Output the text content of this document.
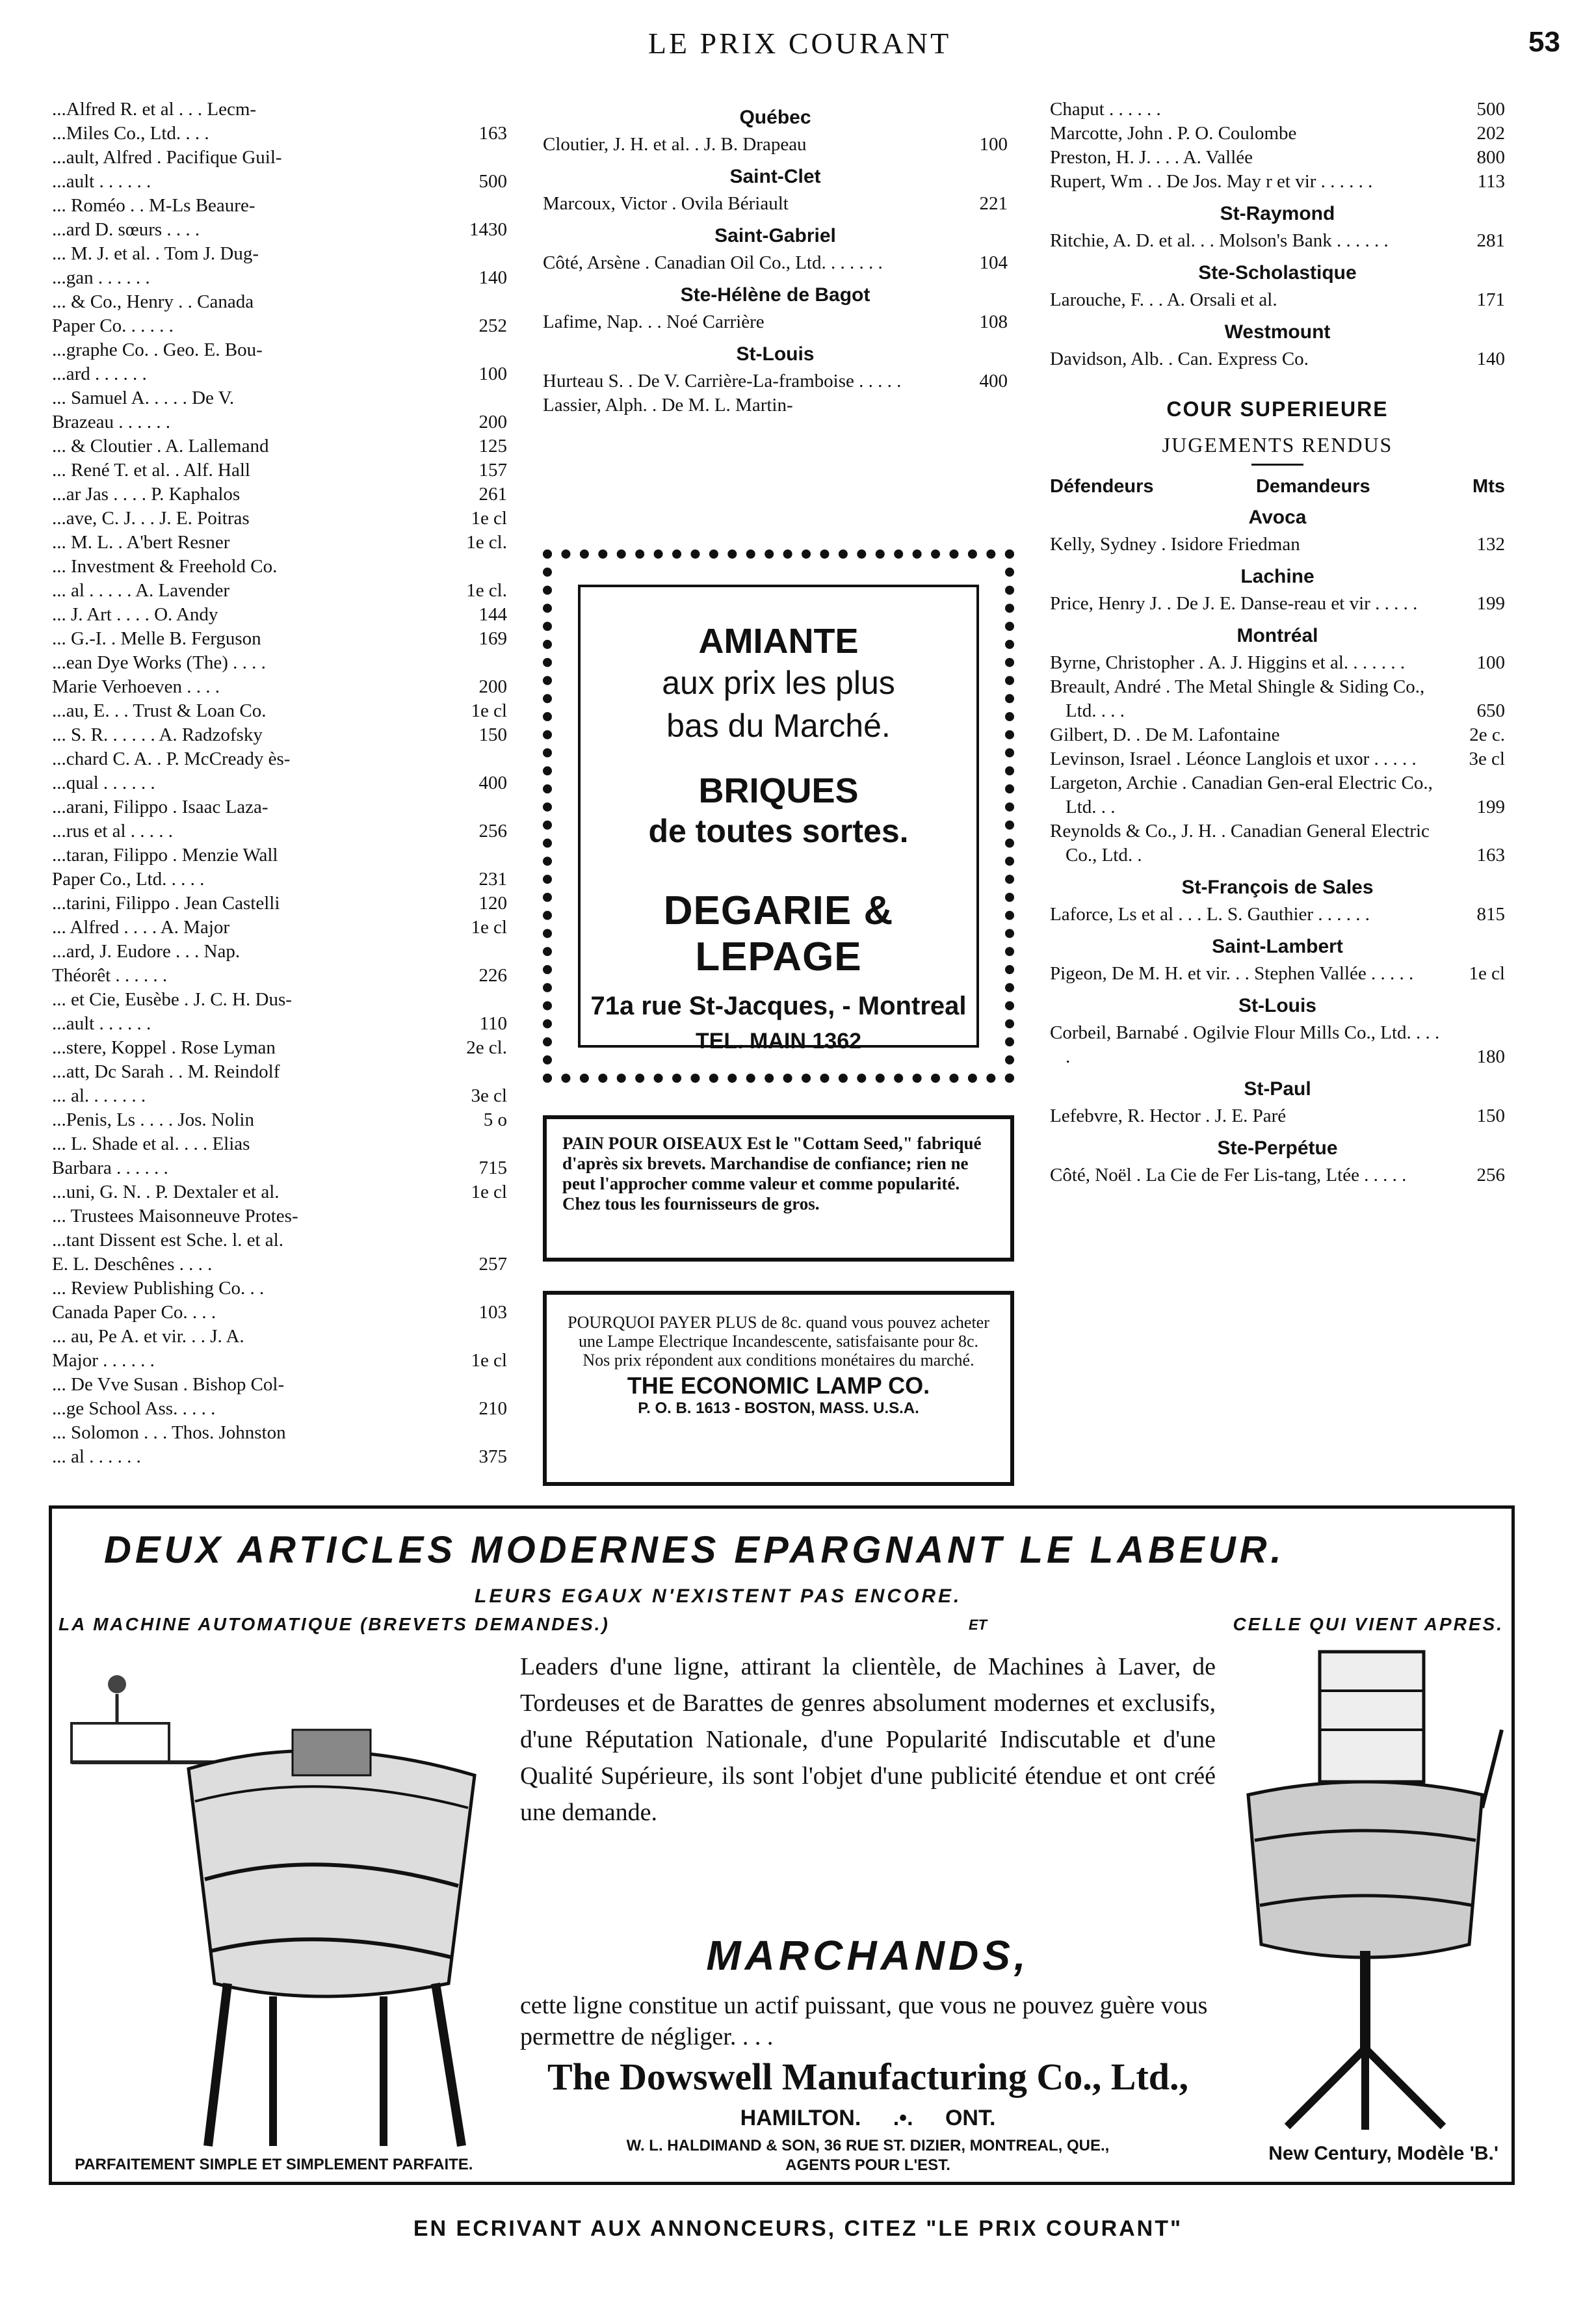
LE PRIX COURANT	53
...Alfred R. et al . . . Lecm-
...Miles Co., Ltd. . . .	163
...ault, Alfred . Pacifique Guil-
...ault . . . . . .	500
... Roméo . . M-Ls Beaure-
...ard D. sœurs . . . .	1430
... M. J. et al. . Tom J. Dug-
...gan . . . . . .	140
... & Co., Henry . . Canada
Paper Co. . . . . .	252
...graphe Co. . Geo. E. Bou-
...ard . . . . . .	100
... Samuel A. . . . . De V.
Brazeau . . . . . .	200
... & Cloutier . A. Lallemand	125
... René T. et al. . Alf. Hall	157
...ar Jas . . . . P. Kaphalos	261
...ave, C. J. . . J. E. Poitras	1e cl
... M. L. . A'bert Resner	1e cl.
... Investment & Freehold Co.
... al . . . . . A. Lavender	1e cl.
... J. Art . . . . O. Andy	144
... G.-I. . Melle B. Ferguson	169
...ean Dye Works (The) . . . .
Marie Verhoeven . . . .	200
...au, E. . . Trust & Loan Co.	1e cl
... S. R. . . . . . A. Radzofsky	150
...chard C. A. . P. McCready ès-
...qual . . . . . .	400
...arani, Filippo . Isaac Laza-
...rus et al . . . . .	256
...taran, Filippo . Menzie Wall
Paper Co., Ltd. . . . .	231
...tarini, Filippo . Jean Castelli	120
... Alfred . . . . A. Major	1e cl
...ard, J. Eudore . . . Nap.
Théorêt . . . . . .	226
... et Cie, Eusèbe . J. C. H. Dus-
...ault . . . . . .	110
...stere, Koppel . Rose Lyman	2e cl.
...att, Dc Sarah . . M. Reindolf
... al. . . . . . .	3e cl
...Penis, Ls . . . . Jos. Nolin	5 o
... L. Shade et al. . . . Elias
Barbara . . . . . .	715
...uni, G. N. . P. Dextaler et al.	1e cl
... Trustees Maisonneuve Protes-
...tant Dissent est Sche. l. et al.
E. L. Deschênes . . . .	257
... Review Publishing Co. . .
Canada Paper Co. . . .	103
... au, Pe A. et vir. . . J. A.
Major . . . . . .	1e cl
... De Vve Susan . Bishop Col-
...ge School Ass. . . . .	210
... Solomon . . . Thos. Johnston
... al . . . . . .	375
Québec
Cloutier, J. H. et al. . J. B. Drapeau	100
Saint-Clet
Marcoux, Victor . Ovila Bériault	221
Saint-Gabriel
Côté, Arsène . Canadian Oil Co., Ltd. . . . . . .	104
Ste-Hélène de Bagot
Lafime, Nap. . . Noé Carrière	108
St-Louis
Hurteau S. . De V. Carrière-La-framboise . . . . .	400
Lassier, Alph. . De M. L. Martin-
Chaput . . . . . .	500
Marcotte, John . P. O. Coulombe	202
Preston, H. J. . . . A. Vallée	800
Rupert, Wm . . De Jos. May r et vir . . . . . .	113
St-Raymond
Ritchie, A. D. et al. . . Molson's Bank . . . . . .	281
Ste-Scholastique
Larouche, F. . . A. Orsali et al.	171
Westmount
Davidson, Alb. . Can. Express Co.	140
COUR SUPERIEURE
JUGEMENTS RENDUS
Défendeurs	Demandeurs	Mts
Avoca
Kelly, Sydney . Isidore Friedman	132
Lachine
Price, Henry J. . De J. E. Danse-reau et vir . . . . .	199
Montréal
Byrne, Christopher . A. J. Higgins et al. . . . . . .	100
Breault, André . The Metal Shingle & Siding Co., Ltd. . . .	650
Gilbert, D. . De M. Lafontaine	2e c.
Levinson, Israel . Léonce Langlois et uxor . . . . .	3e cl
Largeton, Archie . Canadian Gen-eral Electric Co., Ltd. . .	199
Reynolds & Co., J. H. . Canadian General Electric Co., Ltd. .	163
St-François de Sales
Laforce, Ls et al . . . L. S. Gauthier . . . . . .	815
Saint-Lambert
Pigeon, De M. H. et vir. . . Stephen Vallée . . . . .	1e cl
St-Louis
Corbeil, Barnabé . Ogilvie Flour Mills Co., Ltd. . . . .	180
St-Paul
Lefebvre, R. Hector . J. E. Paré	150
Ste-Perpétue
Côté, Noël . La Cie de Fer Lis-tang, Ltée . . . . .	256
AMIANTE
aux prix les plus
bas du Marché.
BRIQUES
de toutes sortes.
DEGARIE & LEPAGE
71a rue St-Jacques, - Montreal
TEL. MAIN 1362
PAIN POUR OISEAUX Est le "Cottam Seed," fabriqué d'après six brevets. Marchandise de confiance; rien ne peut l'approcher comme valeur et comme popularité. Chez tous les fournisseurs de gros.
POURQUOI PAYER PLUS de 8c. quand vous pouvez acheter une Lampe Electrique Incandescente, satisfaisante pour 8c. Nos prix répondent aux conditions monétaires du marché.
THE ECONOMIC LAMP CO.
P. O. B. 1613 - BOSTON, MASS. U.S.A.
DEUX ARTICLES MODERNES EPARGNANT LE LABEUR.
LEURS EGAUX N'EXISTENT PAS ENCORE.
LA MACHINE AUTOMATIQUE (BREVETS DEMANDES.)	ET	CELLE QUI VIENT APRES.
Leaders d'une ligne, attirant la clientèle, de Machines à Laver, de Tordeuses et de Barattes de genres absolument modernes et exclusifs, d'une Réputation Nationale, d'une Popularité Indiscutable et d'une Qualité Supérieure, ils sont l'objet d'une publicité étendue et ont créé une demande.
MARCHANDS,
cette ligne constitue un actif puissant, que vous ne pouvez guère vous permettre de négliger. . . .
The Dowswell Manufacturing Co., Ltd.,
HAMILTON. .•. ONT.
W. L. HALDIMAND & SON, 36 RUE ST. DIZIER, MONTREAL, QUE.,
AGENTS POUR L'EST.
PARFAITEMENT SIMPLE ET SIMPLEMENT PARFAITE.
New Century, Modèle 'B.'
EN ECRIVANT AUX ANNONCEURS, CITEZ "LE PRIX COURANT"
